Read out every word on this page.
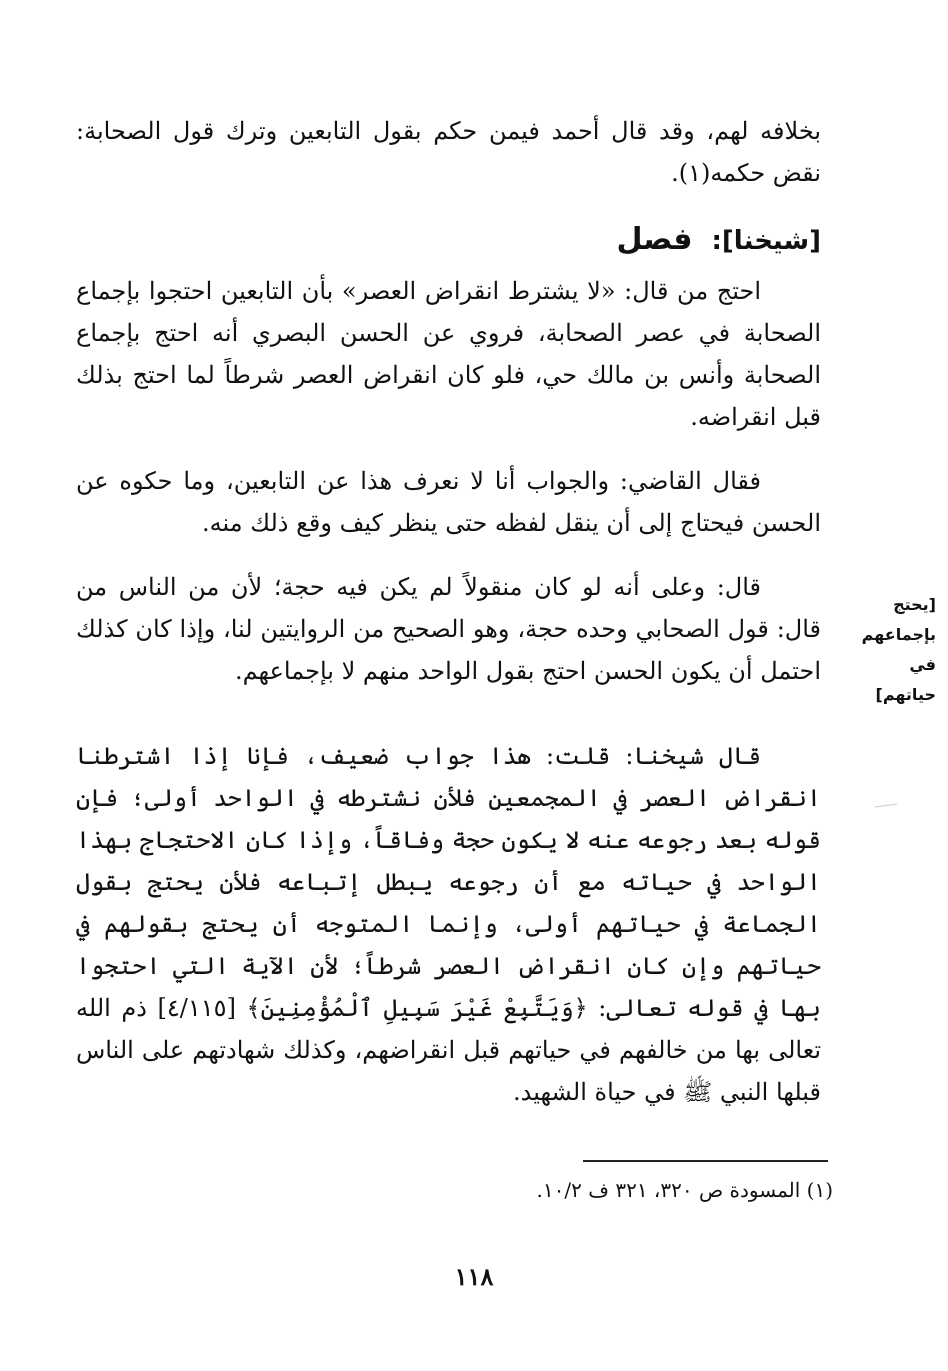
بخلافه لهم، وقد قال أحمد فيمن حكم بقول التابعين وترك قول الصحابة: نقض حكمه(١).
[شيخنا]: فصل
احتج من قال: «لا يشترط انقراض العصر» بأن التابعين احتجوا بإجماع الصحابة في عصر الصحابة، فروي عن الحسن البصري أنه احتج بإجماع الصحابة وأنس بن مالك حي، فلو كان انقراض العصر شرطاً لما احتج بذلك قبل انقراضه.
فقال القاضي: والجواب أنا لا نعرف هذا عن التابعين، وما حكوه عن الحسن فيحتاج إلى أن ينقل لفظه حتى ينظر كيف وقع ذلك منه.
قال: وعلى أنه لو كان منقولاً لم يكن فيه حجة؛ لأن من الناس من قال: قول الصحابي وحده حجة، وهو الصحيح من الروايتين لنا، وإذا كان كذلك احتمل أن يكون الحسن احتج بقول الواحد منهم لا بإجماعهم.
[يحتج بإجماعهم في حياتهم]
قال شيخنا: قلت: هذا جواب ضعيف، فإنا إذا اشترطنا انقراض العصر في المجمعين فلأن نشترطه في الواحد أولى؛ فإن قوله بعد رجوعه عنه لا يكون حجة وفاقاً، وإذا كان الاحتجاج بهذا الواحد في حياته مع أن رجوعه يبطل إتباعه فلأن يحتج بقول الجماعة في حياتهم أولى، وإنما المتوجه أن يحتج بقولهم في حياتهم وإن كان انقراض العصر شرطاً؛ لأن الآية التي احتجوا بها في قوله تعالى: ﴿وَيَتَّبِعْ غَيْرَ سَبِيلِ ٱلْمُؤْمِنِينَ﴾ [٤/١١٥] ذم الله تعالى بها من خالفهم في حياتهم قبل انقراضهم، وكذلك شهادتهم على الناس قبلها النبي ﷺ في حياة الشهيد.
(١) المسودة ص ٣٢٠، ٣٢١ ف ١٠/٢.
١١٨
